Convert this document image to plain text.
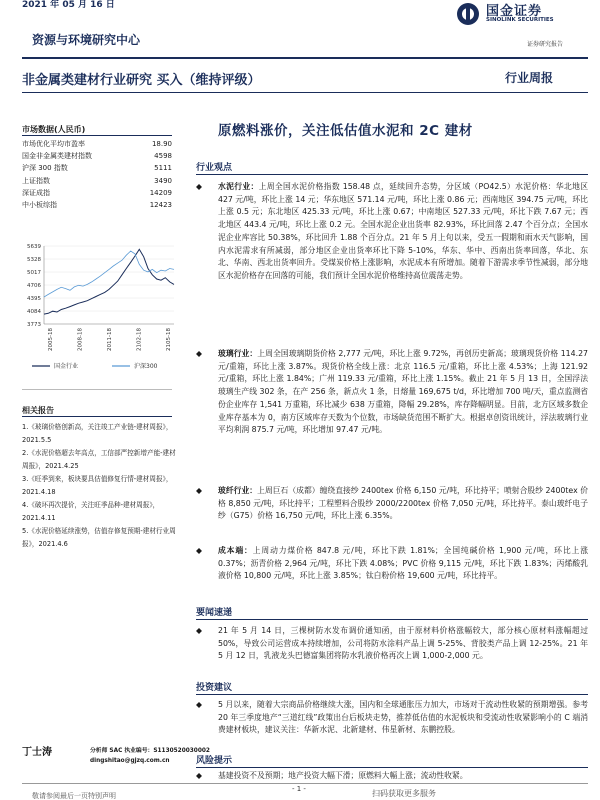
2021 年 05 月 16 日	国金证券
SINOLINK SECURITIES
证券研究报告
资源与环境研究中心
非金属类建材行业研究 买入（维持评级）	行业周报
市场数据(人民币)
市场优化平均市盈率	18.90
国金非金属类建材指数	4598
沪深 300 指数	5111
上证指数	3490
深证成指	14209
中小板综指	12423
3773
4084
4395
4706
5017
5328
5639
2005-18	2008-18	2011-18	2102-18	2105-18
国金行业	沪深300
相关报告
1.《玻璃价格创新高，关注竣工产业链-建材周报》，2021.5.5
2.《水泥价格超去年高点，工信部严控新增产能-建材周报》，2021.4.25
3.《旺季到来，板块要具估值修复行情-建材周报》，2021.4.18
4.《破坏再次提价，关注旺季品种-建材周报》，2021.4.11
5.《水泥价格延续涨势，估值存修复预期-建材行业周报》，2021.4.6
丁士涛	分析师 SAC 执业编号：S1130520030002
dingshitao@gjzq.com.cn
原燃料涨价，关注低估值水泥和 2C 建材
行业观点
◆	水泥行业：上周全国水泥价格指数 158.48 点，延续回升态势，分区域（PO42.5）水泥价格：华北地区 427 元/吨，环比上涨 14 元；华东地区 571.14 元/吨，环比上涨 0.86 元；西南地区 394.75 元/吨，环比上涨 0.5 元；东北地区 425.33 元/吨，环比上涨 0.67；中南地区 527.33 元/吨，环比下跌 7.67 元；西北地区 443.4 元/吨，环比上涨 0.2 元。全国水泥企业出货率 82.93%，环比回落 2.47 个百分点；全国水泥企业库容比 50.38%，环比回升 1.88 个百分点。21 年 5 月上旬以来，受五一假期和雨水天气影响，国内水泥需求有所减弱，部分地区企业出货率环比下降 5-10%，华东、华中、西南出货率回落，华北、东北、华南、西北出货率回升。受煤炭价格上涨影响，水泥成本有所增加。随着下游需求季节性减弱，部分地区水泥价格存在回落的可能，我们预计全国水泥价格维持高位震荡走势。
◆	玻璃行业：上周全国玻璃期货价格 2,777 元/吨，环比上涨 9.72%，再创历史新高；玻璃现货价格 114.27 元/重箱，环比上涨 3.87%。现货价格全线上涨：北京 116.5 元/重箱，环比上涨 4.53%；上海 121.92 元/重箱，环比上涨 1.84%；广州 119.33 元/重箱，环比上涨 1.15%。截止 21 年 5 月 13 日，全国浮法玻璃生产线 302 条，在产 256 条，新点火 1 条，日熔量 169,675 t/d，环比增加 700 吨/天，重点监测省份企业库存 1,541 万重箱，环比减少 638 万重箱，降幅 29.28%，库存降幅明显。目前，北方区域多数企业库存基本为 0，南方区域库存天数为个位数，市场缺货范围不断扩大。根据卓创资讯统计，浮法玻璃行业平均利润 875.7 元/吨，环比增加 97.47 元/吨。
◆	玻纤行业：上周巨石（成都）缠绕直接纱 2400tex 价格 6,150 元/吨，环比持平；喷射合股纱 2400tex 价格 8,850 元/吨，环比持平；工程塑料合股纱 2000/2200tex 价格 7,050 元/吨，环比持平。泰山玻纤电子纱（G75）价格 16,750 元/吨，环比上涨 6.35%。
◆	成本端：上周动力煤价格 847.8 元/吨，环比下跌 1.81%；全国纯碱价格 1,900 元/吨，环比上涨 0.37%；沥青价格 2,964 元/吨，环比下跌 4.08%；PVC 价格 9,115 元/吨，环比下跌 1.83%；丙烯酸乳液价格 10,800 元/吨，环比上涨 3.85%；钛白粉价格 19,600 元/吨，环比持平。
要闻速递
◆	21 年 5 月 14 日，三棵树防水发布调价通知函，由于原材料价格涨幅较大，部分核心原材料涨幅超过 50%，导致公司运营成本持续增加，公司将防水涂料产品上调 5-25%、背胶类产品上调 12-25%。21 年 5 月 12 日，乳液龙头巴德富集团将防水乳液价格再次上调 1,000-2,000 元。
投资建议
◆	5 月以来，随着大宗商品价格继续大涨，国内和全球通胀压力加大，市场对于流动性收紧的预期增强。参考 20 年三季度地产“三道红线”政策出台后板块走势，推荐低估值的水泥板块和受流动性收紧影响小的 C 端消费建材板块，建议关注：华新水泥、北新建材、伟星新材、东鹏控股。
风险提示
◆	基建投资不及预期；地产投资大幅下滑；原燃料大幅上涨；流动性收紧。
敬请参阅最后一页特别声明
- 1 -	扫码获取更多服务
